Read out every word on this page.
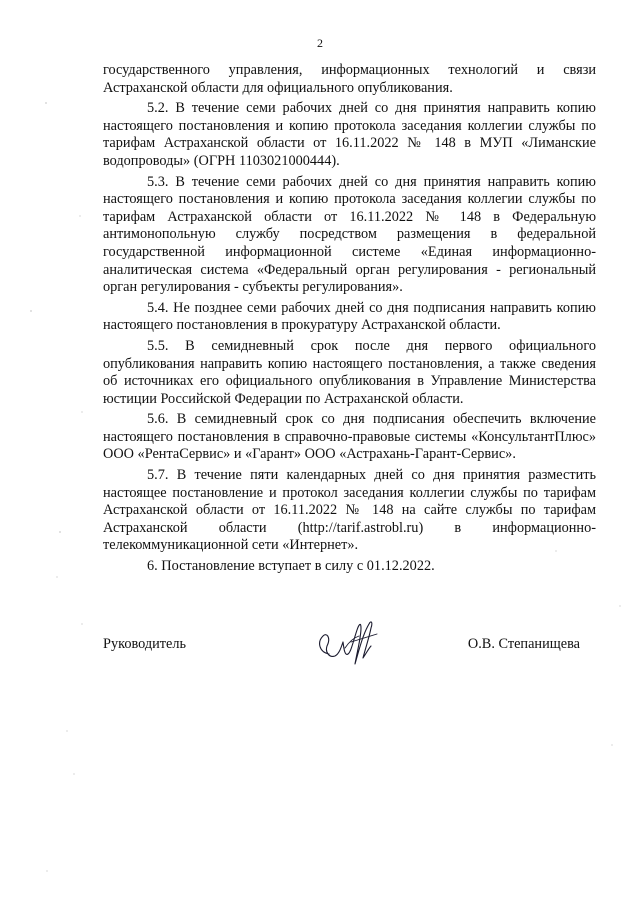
2

государственного управления, информационных технологий и связи Астраханской области для официального опубликования.

5.2. В течение семи рабочих дней со дня принятия направить копию настоящего постановления и копию протокола заседания коллегии службы по тарифам Астраханской области от 16.11.2022 № 148 в МУП «Лиманские водопроводы» (ОГРН 1103021000444).

5.3. В течение семи рабочих дней со дня принятия направить копию настоящего постановления и копию протокола заседания коллегии службы по тарифам Астраханской области от 16.11.2022 № 148 в Федеральную антимонопольную службу посредством размещения в федеральной государственной информационной системе «Единая информационно-аналитическая система «Федеральный орган регулирования - региональный орган регулирования - субъекты регулирования».

5.4. Не позднее семи рабочих дней со дня подписания направить копию настоящего постановления в прокуратуру Астраханской области.

5.5. В семидневный срок после дня первого официального опубликования направить копию настоящего постановления, а также сведения об источниках его официального опубликования в Управление Министерства юстиции Российской Федерации по Астраханской области.

5.6. В семидневный срок со дня подписания обеспечить включение настоящего постановления в справочно-правовые системы «КонсультантПлюс» ООО «РентаСервис» и «Гарант» ООО «Астрахань-Гарант-Сервис».

5.7. В течение пяти календарных дней со дня принятия разместить настоящее постановление и протокол заседания коллегии службы по тарифам Астраханской области от 16.11.2022 № 148 на сайте службы по тарифам Астраханской области (http://tarif.astrobl.ru) в информационно-телекоммуникационной сети «Интернет».

6. Постановление вступает в силу с 01.12.2022.

Руководитель	О.В. Степанищева
